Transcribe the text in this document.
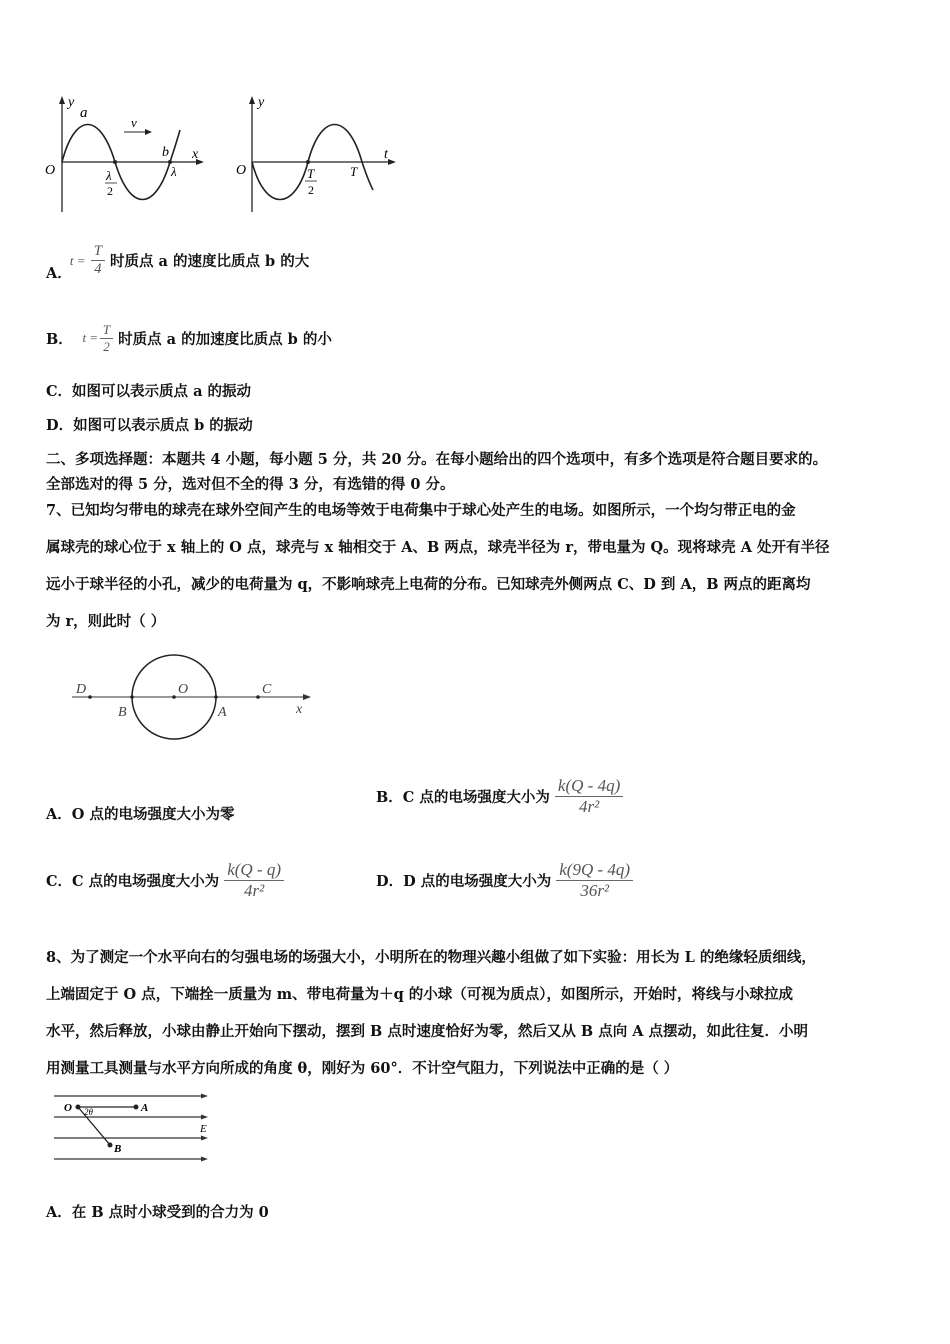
y
a
v
x
b
O	λ
2
λ
y
t
O	T
2
T
A．
t =
T
4 时质点 a 的速度比质点 b 的大
B． t =
T
2 时质点 a 的加速度比质点 b 的小
C．如图可以表示质点 a 的振动
D．如图可以表示质点 b 的振动
二、多项选择题：本题共 4 小题，每小题 5 分，共 20 分。在每小题给出的四个选项中，有多个选项是符合题目要求的。
全部选对的得 5 分，选对但不全的得 3 分，有选错的得 0 分。
7、已知均匀带电的球壳在球外空间产生的电场等效于电荷集中于球心处产生的电场。如图所示，一个均匀带正电的金
属球壳的球心位于 x 轴上的 O 点，球壳与 x 轴相交于 A、B 两点，球壳半径为 r，带电量为 Q。现将球壳 A 处开有半径
远小于球半径的小孔，减少的电荷量为 q，不影响球壳上电荷的分布。已知球壳外侧两点 C、D 到 A，B 两点的距离均
为 r，则此时（ ）
D
B
O
A
C
x
A．O 点的电场强度大小为零
B．C 点的电场强度大小为 $\frac{k(Q - 4q)}{\text{4r²}}$
C．C 点的电场强度大小为 $\frac{k(Q - q)}{\text{4r²}}$	D．D 点的电场强度大小为 $\frac{k(9Q - 4q)}{\text{36r²}}$
8、为了测定一个水平向右的匀强电场的场强大小，小明所在的物理兴趣小组做了如下实验：用长为 L 的绝缘轻质细线，
上端固定于 O 点，下端拴一质量为 m、带电荷量为＋q 的小球（可视为质点），如图所示，开始时，将线与小球拉成
水平，然后释放，小球由静止开始向下摆动，摆到 B 点时速度恰好为零，然后又从 B 点向 A 点摆动，如此往复．小明
用测量工具测量与水平方向所成的角度 θ，刚好为 60°．不计空气阻力，下列说法中正确的是（ ）
O 2θ	A
B
E
A．在 B 点时小球受到的合力为 0
